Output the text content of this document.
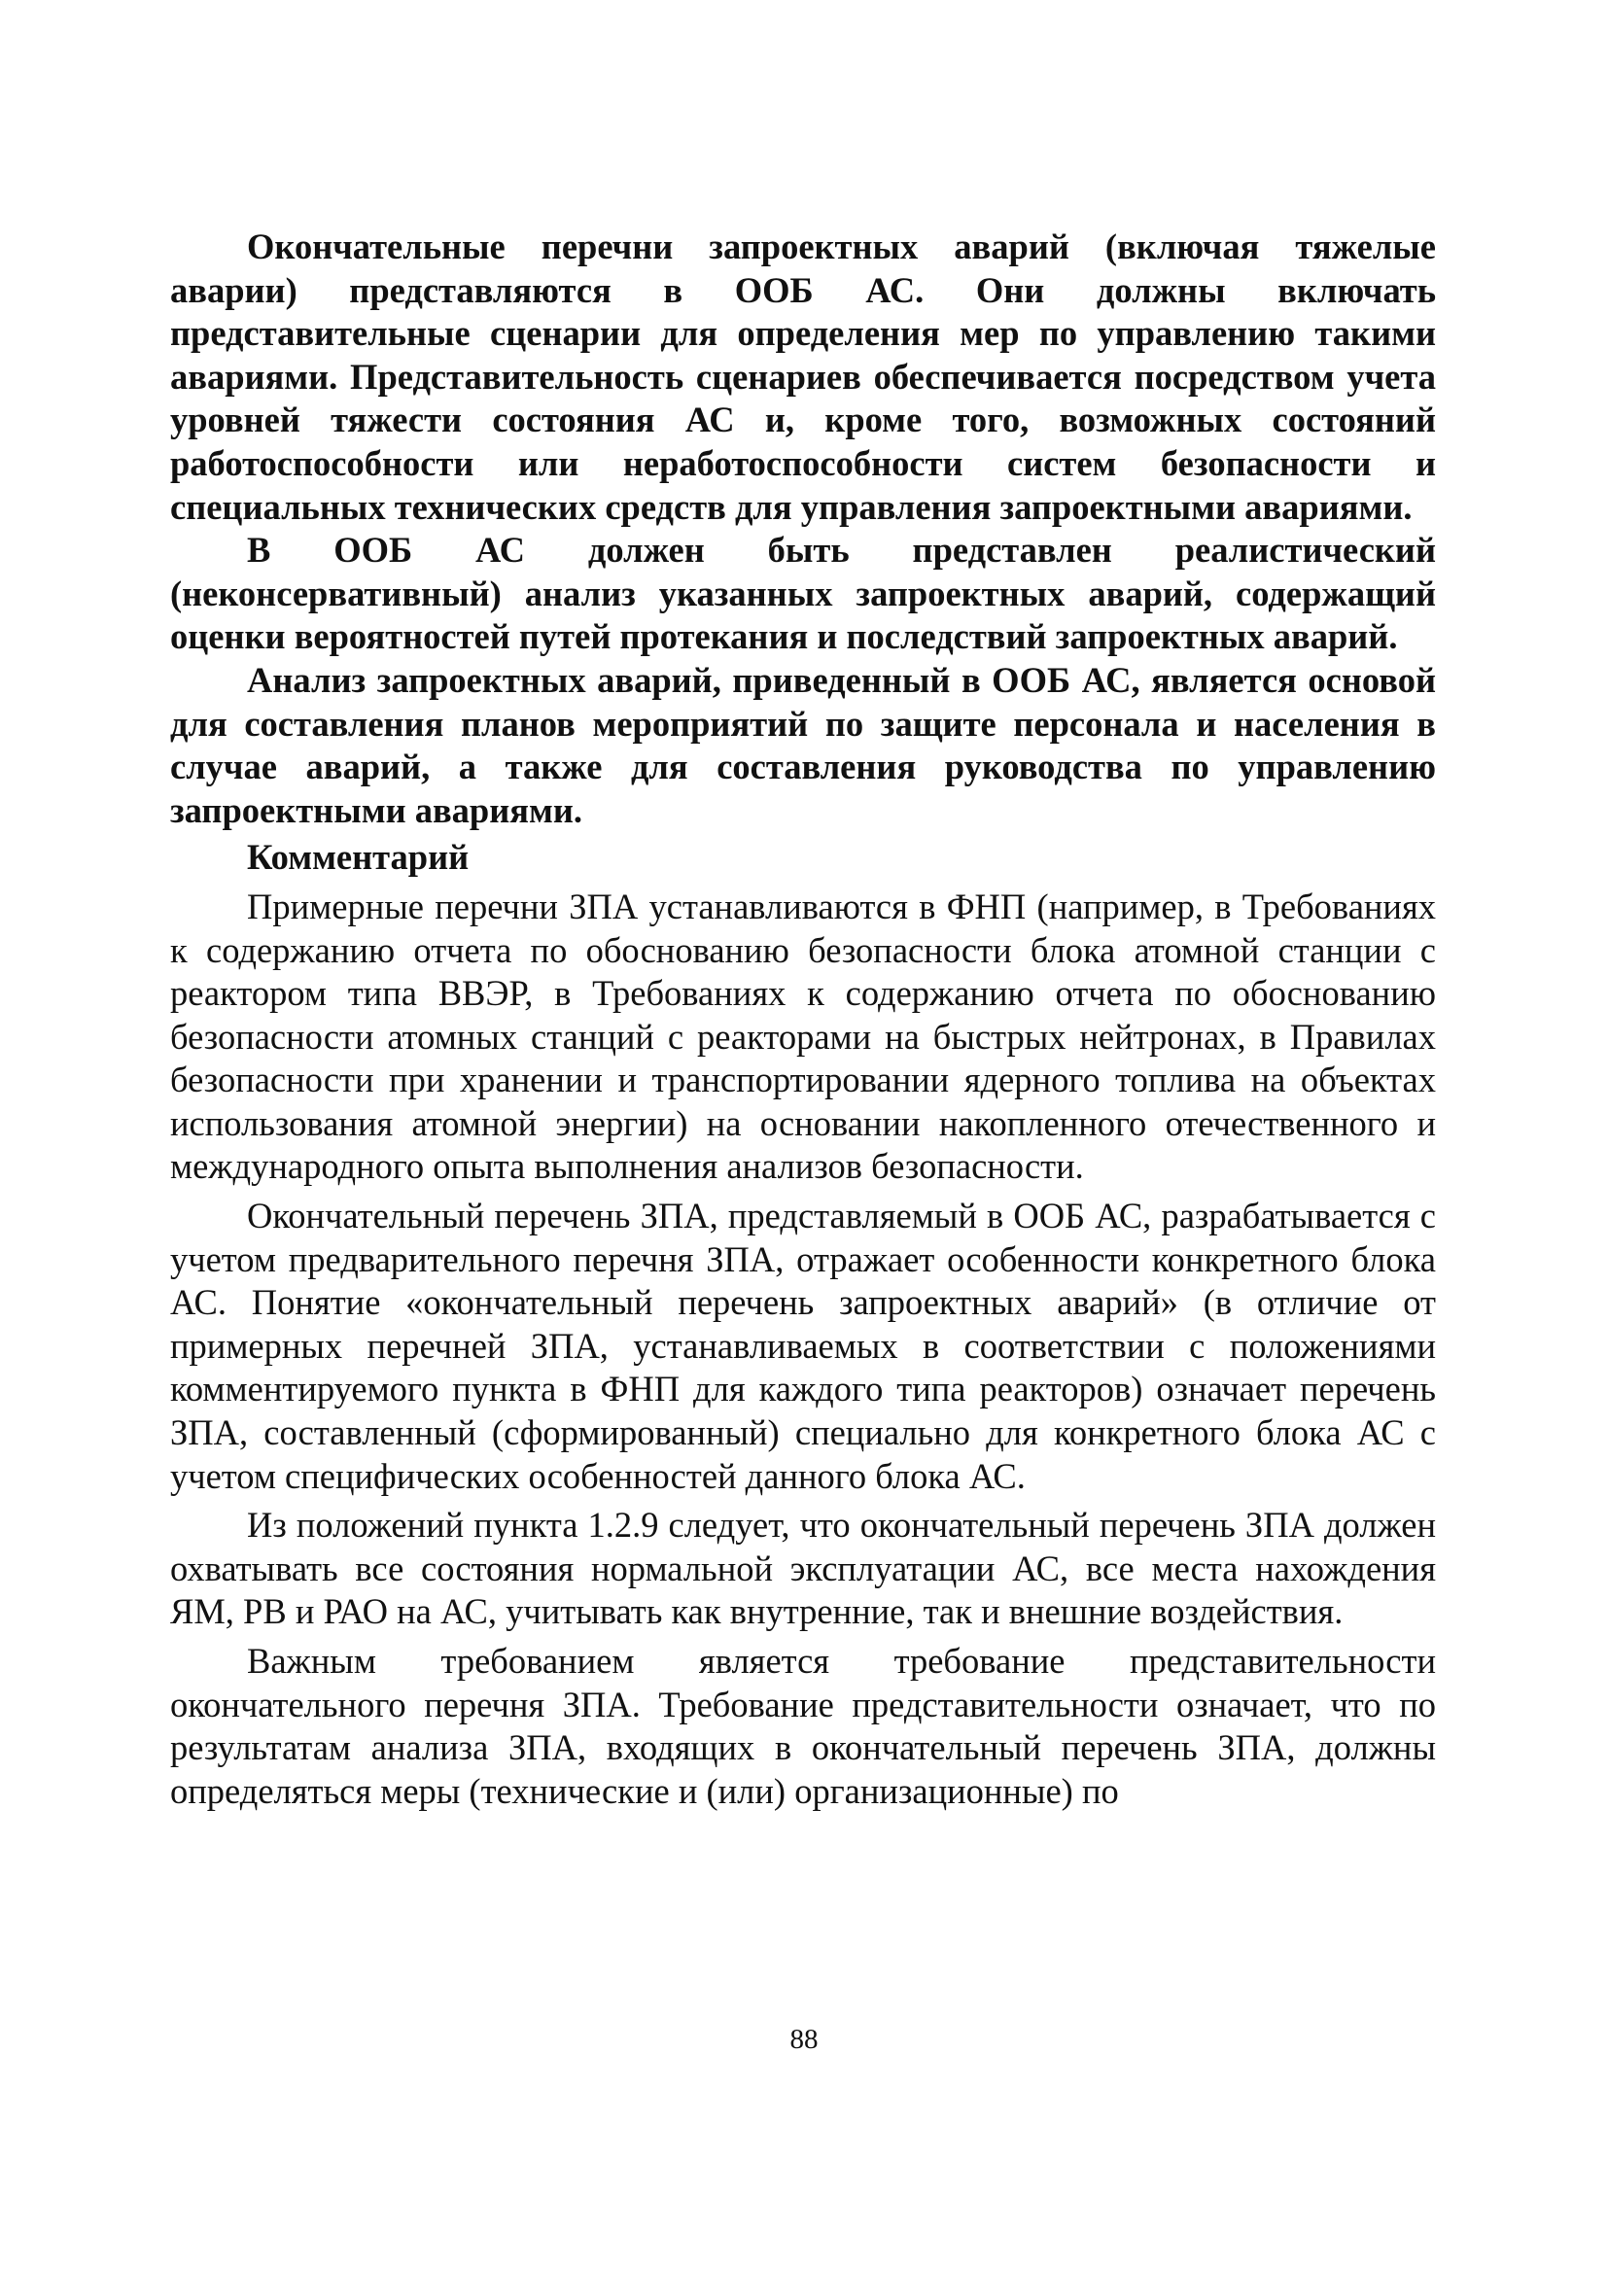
Окончательные перечни запроектных аварий (включая тяжелые аварии) представляются в ООБ АС. Они должны включать представительные сценарии для определения мер по управлению такими авариями. Представительность сценариев обеспечивается посредством учета уровней тяжести состояния АС и, кроме того, возможных состояний работоспособности или неработоспособности систем безопасности и специальных технических средств для управления запроектными авариями.

В ООБ АС должен быть представлен реалистический (неконсервативный) анализ указанных запроектных аварий, содержащий оценки вероятностей путей протекания и последствий запроектных аварий.

Анализ запроектных аварий, приведенный в ООБ АС, является основой для составления планов мероприятий по защите персонала и населения в случае аварий, а также для составления руководства по управлению запроектными авариями.

Комментарий

Примерные перечни ЗПА устанавливаются в ФНП (например, в Требованиях к содержанию отчета по обоснованию безопасности блока атомной станции с реактором типа ВВЭР, в Требованиях к содержанию отчета по обоснованию безопасности атомных станций с реакторами на быстрых нейтронах, в Правилах безопасности при хранении и транспортировании ядерного топлива на объектах использования атомной энергии) на основании накопленного отечественного и международного опыта выполнения анализов безопасности.

Окончательный перечень ЗПА, представляемый в ООБ АС, разрабатывается с учетом предварительного перечня ЗПА, отражает особенности конкретного блока АС. Понятие «окончательный перечень запроектных аварий» (в отличие от примерных перечней ЗПА, устанавливаемых в соответствии с положениями комментируемого пункта в ФНП для каждого типа реакторов) означает перечень ЗПА, составленный (сформированный) специально для конкретного блока АС с учетом специфических особенностей данного блока АС.

Из положений пункта 1.2.9 следует, что окончательный перечень ЗПА должен охватывать все состояния нормальной эксплуатации АС, все места нахождения ЯМ, РВ и РАО на АС, учитывать как внутренние, так и внешние воздействия.

Важным требованием является требование представительности окончательного перечня ЗПА. Требование представительности означает, что по результатам анализа ЗПА, входящих в окончательный перечень ЗПА, должны определяться меры (технические и (или) организационные) по

88
